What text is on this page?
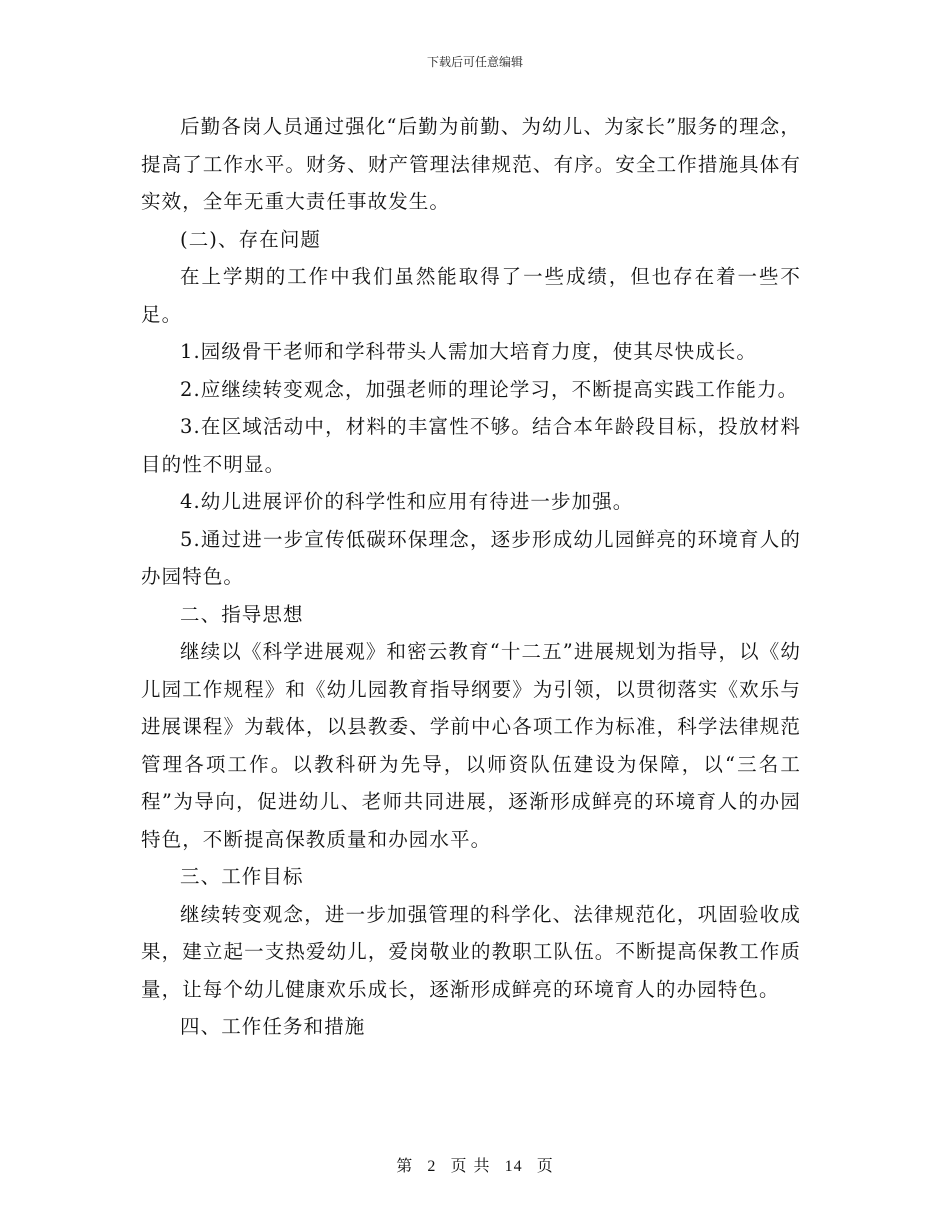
下载后可任意编辑

后勤各岗人员通过强化“后勤为前勤、为幼儿、为家长”服务的理念，提高了工作水平。财务、财产管理法律规范、有序。安全工作措施具体有实效，全年无重大责任事故发生。

(二)、存在问题

在上学期的工作中我们虽然能取得了一些成绩，但也存在着一些不足。

1.园级骨干老师和学科带头人需加大培育力度，使其尽快成长。

2.应继续转变观念，加强老师的理论学习，不断提高实践工作能力。

3.在区域活动中，材料的丰富性不够。结合本年龄段目标，投放材料目的性不明显。

4.幼儿进展评价的科学性和应用有待进一步加强。

5.通过进一步宣传低碳环保理念，逐步形成幼儿园鲜亮的环境育人的办园特色。

二、指导思想

继续以《科学进展观》和密云教育“十二五”进展规划为指导，以《幼儿园工作规程》和《幼儿园教育指导纲要》为引领，以贯彻落实《欢乐与进展课程》为载体，以县教委、学前中心各项工作为标准，科学法律规范管理各项工作。以教科研为先导，以师资队伍建设为保障，以“三名工程”为导向，促进幼儿、老师共同进展，逐渐形成鲜亮的环境育人的办园特色，不断提高保教质量和办园水平。

三、工作目标

继续转变观念，进一步加强管理的科学化、法律规范化，巩固验收成果，建立起一支热爱幼儿，爱岗敬业的教职工队伍。不断提高保教工作质量，让每个幼儿健康欢乐成长，逐渐形成鲜亮的环境育人的办园特色。

四、工作任务和措施

第 2 页 共 14 页
